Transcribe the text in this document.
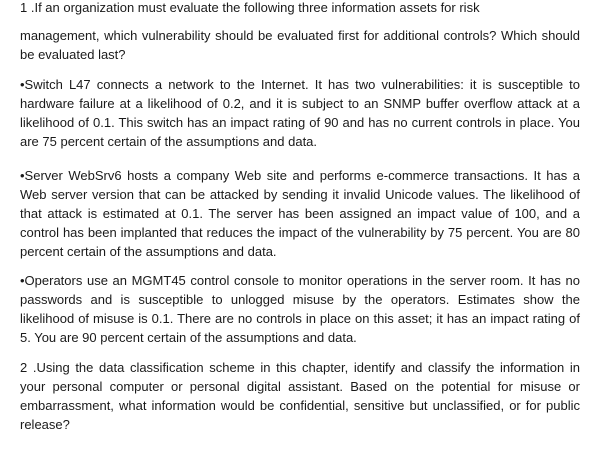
1 .If an organization must evaluate the following three information assets for risk

management, which vulnerability should be evaluated first for additional controls? Which should be evaluated last?

•Switch L47 connects a network to the Internet. It has two vulnerabilities: it is susceptible to hardware failure at a likelihood of 0.2, and it is subject to an SNMP buffer overflow attack at a likelihood of 0.1. This switch has an impact rating of 90 and has no current controls in place. You are 75 percent certain of the assumptions and data.

•Server WebSrv6 hosts a company Web site and performs e-commerce transactions. It has a Web server version that can be attacked by sending it invalid Unicode values. The likelihood of that attack is estimated at 0.1. The server has been assigned an impact value of 100, and a control has been implanted that reduces the impact of the vulnerability by 75 percent. You are 80 percent certain of the assumptions and data.

•Operators use an MGMT45 control console to monitor operations in the server room. It has no passwords and is susceptible to unlogged misuse by the operators. Estimates show the likelihood of misuse is 0.1. There are no controls in place on this asset; it has an impact rating of 5. You are 90 percent certain of the assumptions and data.

2 .Using the data classification scheme in this chapter, identify and classify the information in your personal computer or personal digital assistant. Based on the potential for misuse or embarrassment, what information would be confidential, sensitive but unclassified, or for public release?
